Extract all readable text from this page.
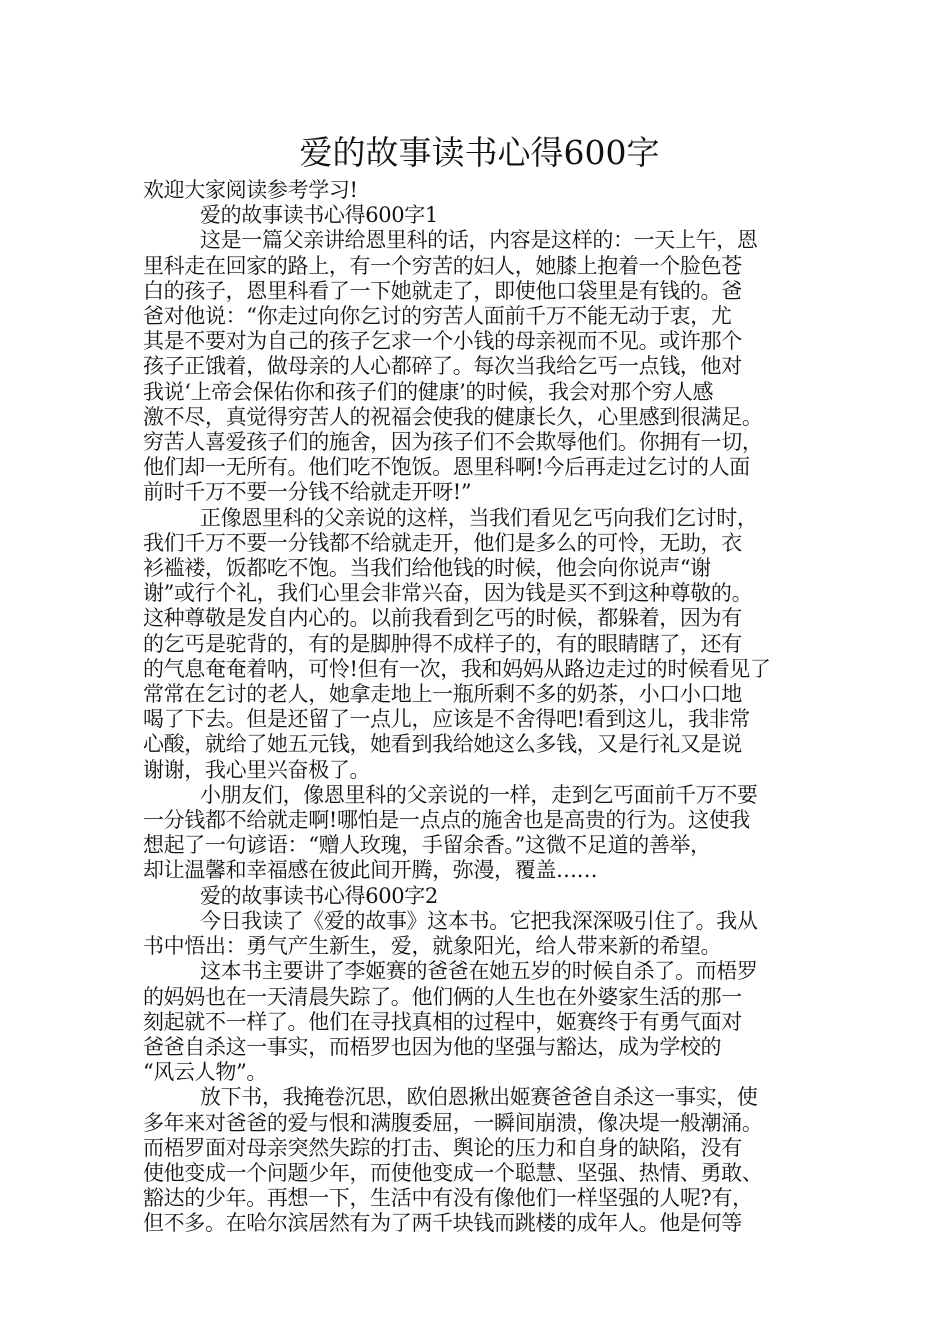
爱的故事读书心得600字
欢迎大家阅读参考学习!
爱的故事读书心得600字1
这是一篇父亲讲给恩里科的话，内容是这样的：一天上午，恩
里科走在回家的路上，有一个穷苦的妇人，她膝上抱着一个脸色苍
白的孩子，恩里科看了一下她就走了，即使他口袋里是有钱的。爸
爸对他说：“你走过向你乞讨的穷苦人面前千万不能无动于衷，尤
其是不要对为自己的孩子乞求一个小钱的母亲视而不见。或许那个
孩子正饿着，做母亲的人心都碎了。每次当我给乞丐一点钱，他对
我说‘上帝会保佑你和孩子们的健康’的时候，我会对那个穷人感
激不尽，真觉得穷苦人的祝福会使我的健康长久，心里感到很满足。
穷苦人喜爱孩子们的施舍，因为孩子们不会欺辱他们。你拥有一切，
他们却一无所有。他们吃不饱饭。恩里科啊!今后再走过乞讨的人面
前时千万不要一分钱不给就走开呀!”
正像恩里科的父亲说的这样，当我们看见乞丐向我们乞讨时，
我们千万不要一分钱都不给就走开，他们是多么的可怜，无助，衣
衫褴褛，饭都吃不饱。当我们给他钱的时候，他会向你说声“谢
谢”或行个礼，我们心里会非常兴奋，因为钱是买不到这种尊敬的。
这种尊敬是发自内心的。以前我看到乞丐的时候，都躲着，因为有
的乞丐是驼背的，有的是脚肿得不成样子的，有的眼睛瞎了，还有
的气息奄奄着呐，可怜!但有一次，我和妈妈从路边走过的时候看见了
常常在乞讨的老人，她拿走地上一瓶所剩不多的奶茶，小口小口地
喝了下去。但是还留了一点儿，应该是不舍得吧!看到这儿，我非常
心酸，就给了她五元钱，她看到我给她这么多钱，又是行礼又是说
谢谢，我心里兴奋极了。
小朋友们，像恩里科的父亲说的一样，走到乞丐面前千万不要
一分钱都不给就走啊!哪怕是一点点的施舍也是高贵的行为。这使我
想起了一句谚语：“赠人玫瑰，手留余香。”这微不足道的善举，
却让温馨和幸福感在彼此间开腾，弥漫，覆盖……
爱的故事读书心得600字2
今日我读了《爱的故事》这本书。它把我深深吸引住了。我从
书中悟出：勇气产生新生，爱，就象阳光，给人带来新的希望。
这本书主要讲了李姬赛的爸爸在她五岁的时候自杀了。而梧罗
的妈妈也在一天清晨失踪了。他们俩的人生也在外婆家生活的那一
刻起就不一样了。他们在寻找真相的过程中，姬赛终于有勇气面对
爸爸自杀这一事实，而梧罗也因为他的坚强与豁达，成为学校的
“风云人物”。
放下书，我掩卷沉思，欧伯恩揪出姬赛爸爸自杀这一事实，使
多年来对爸爸的爱与恨和满腹委屈，一瞬间崩溃，像决堤一般潮涌。
而梧罗面对母亲突然失踪的打击、舆论的压力和自身的缺陷，没有
使他变成一个问题少年，而使他变成一个聪慧、坚强、热情、勇敢、
豁达的少年。再想一下，生活中有没有像他们一样坚强的人呢?有，
但不多。在哈尔滨居然有为了两千块钱而跳楼的成年人。他是何等
